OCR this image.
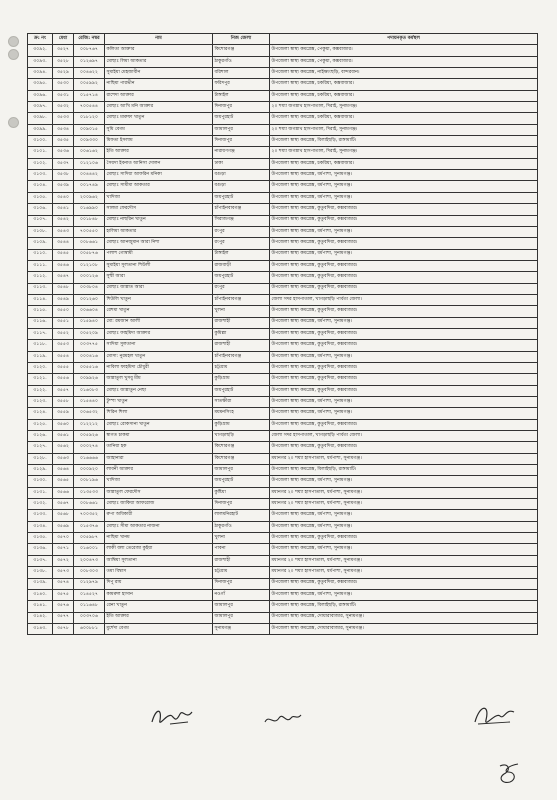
ক্র: নং	মেধা	রেজি: নম্বর	নাম	নিজ জেলা	পদায়নকৃত কর্মস্থল
৩০৯২.	৩৫২৭	০০৮৭৬৭	কলিতা আক্তার	কিশোরগঞ্জ	উপজেলা স্বাস্থ্য কমপ্লেক্স, পেকুয়া, কক্সবাজার।
৩০৯৩.	৩৫২৮	০১২৬৯৭	মোছাঃ লিমা আকতার	ঠাকুরগাঁও	উপজেলা স্বাস্থ্য কমপ্লেক্স, পেকুয়া, কক্সবাজার।
৩০৯৪.	৩৫২৯	০০৪৬২২	সুমাইয়া মেহজাবীন	বরিশাল	উপজেলা স্বাস্থ্য কমপ্লেক্স, নাইক্ষ্যংছড়ি, বান্দরবান।
৩০৯৫.	৩৫৩০	০০৫৯৯২	নাছিমা পারভীন	ফরিদপুর	উপজেলা স্বাস্থ্য কমপ্লেক্স, চকরিয়া, কক্সবাজার।
৩০৯৬.	৩৫৩১	০১৫৭১৪	রাশেদা আক্তার	টাঙ্গাইল	উপজেলা স্বাস্থ্য কমপ্লেক্স, চকরিয়া, কক্সবাজার।
৩০৯৭.	৩৫৩২	৭০০৫৪৪	মোছাঃ আখি মনি আক্তার	দিনাজপুর	২০ শয্যা জগন্নাথ হাসপাতাল, দিরাই, সুনামগঞ্জ।
৩০৯৮.	৩৫৩৩	০১৮১২০	মোছাঃ মারুফা খাতুন	জয়পুরহাট	উপজেলা স্বাস্থ্য কমপ্লেক্স, চকরিয়া, কক্সবাজার।
৩০৯৯.	৩৫৩৪	০০৯০১৫	সুমি বেগম	জামালপুর	২০ শয্যা জগন্নাথ হাসপাতাল, দিরাই, সুনামগঞ্জ।
৩১০০.	৩৫৩৫	০০৯৩৩০	মিফতা ইসলাম	দিনাজপুর	উপজেলা স্বাস্থ্য কমপ্লেক্স, বিলাইছড়ি, রাঙ্গামাটি।
৩১০১.	৩৫৩৬	০০৬১৬২	ইতি আক্তার	নারায়ণগঞ্জ	২০ শয্যা জগন্নাথ হাসপাতাল, দিরাই, সুনামগঞ্জ।
৩১০২.	৩৫৩৭	০১২১০৬	সৈয়দা ইবনাত আনিসা দোলন	ঢাকা	উপজেলা স্বাস্থ্য কমপ্লেক্স, চকরিয়া, কক্সবাজার।
৩১০৩.	৩৫৩৮	০০৪৪৪২	মোছাঃ সাদিয়া আফরিন মনিকা	বগুড়া	উপজেলা স্বাস্থ্য কমপ্লেক্স, ধর্মপাশা, সুনামগঞ্জ।
৩১০৪.	৩৫৩৯	০০১৭৪৯	মোছাঃ সামীমা আকতার	বগুড়া	উপজেলা স্বাস্থ্য কমপ্লেক্স, ধর্মপাশা, সুনামগঞ্জ।
৩১০৫.	৩৫৪০	২০০৯৬২	খাদিজা	জয়পুরহাট	উপজেলা স্বাস্থ্য কমপ্লেক্স, ধর্মপাশা, সুনামগঞ্জ।
৩১০৬.	৩৫৪১	০১৬৯৯০	সালমা ফেরদৌস	চাঁপাইনবাবগঞ্জ	উপজেলা স্বাস্থ্য কমপ্লেক্স, কুতুবদিয়া, কক্সবাজার।
৩১০৭.	৩৫৪২	০০১৮৪৮	মোছাঃ নাছরিন খাতুন	সিরাজগঞ্জ	উপজেলা স্বাস্থ্য কমপ্লেক্স, কুতুবদিয়া, কক্সবাজার।
৩১০৮.	৩৫৪৩	৭০০৫৫০	হালিমা আকতার	রংপুর	উপজেলা স্বাস্থ্য কমপ্লেক্স, ধর্মপাশা, সুনামগঞ্জ।
৩১০৯.	৩৫৪৪	০০৮৬৬১	মোছাঃ আনজুমান আরা নিশা	রংপুর	উপজেলা স্বাস্থ্য কমপ্লেক্স, কুতুবদিয়া, কক্সবাজার।
৩১১০.	৩৫৪৫	০০৫৮৭৬	পলাশ গোস্বামী	টাঙ্গাইল	উপজেলা স্বাস্থ্য কমপ্লেক্স, ধর্মপাশা, সুনামগঞ্জ।
৩১১১.	৩৫৪৬	০১২১০৮	সুমাইয়া সুলতানা শিউলী	রাজবাড়ী	উপজেলা স্বাস্থ্য কমপ্লেক্স, কুতুবদিয়া, কক্সবাজার।
৩১১২.	৩৫৪৭	০০০১২৬	সুষ্মী আরা	জয়পুরহাট	উপজেলা স্বাস্থ্য কমপ্লেক্স, কুতুবদিয়া, কক্সবাজার।
৩১১৩.	৩৫৪৮	০০৩৮০৪	মোছাঃ জান্নাত আরা	রংপুর	উপজেলা স্বাস্থ্য কমপ্লেক্স, কুতুবদিয়া, কক্সবাজার।
৩১১৪.	৩৫৪৯	০০১২৬০	শিউলি খাতুন	চাঁপাইনবাবগঞ্জ	জেলা সদর হাসপাতাল, খাগড়াছড়ি পার্বত্য জেলা।
৩১১৫.	৩৫৫০	০০৬৬০৪	রেশমা খাতুন	খুলনা	উপজেলা স্বাস্থ্য কমপ্লেক্স, কুতুবদিয়া, কক্সবাজার।
৩১১৬.	৩৫৫১	০১৫৯৪০	মো: রমজান আলী	রাজশাহী	উপজেলা স্বাস্থ্য কমপ্লেক্স, ধর্মপাশা, সুনামগঞ্জ।
৩১১৭.	৩৫৫২	০০৫২০৯	মোছাঃ ফাহমিদা আক্তার	কুমিল্লা	উপজেলা স্বাস্থ্য কমপ্লেক্স, কুতুবদিয়া, কক্সবাজার।
৩১১৮.	৩৫৫৩	০০৩৭৭৫	সাদিয়া সুলতানা	রাজশাহী	উপজেলা স্বাস্থ্য কমপ্লেক্স, কুতুবদিয়া, কক্সবাজার।
৩১১৯.	৩৫৫৪	০০০৪১৬	মোসা: নুরমহল খাতুন	চাঁপাইনবাবগঞ্জ	উপজেলা স্বাস্থ্য কমপ্লেক্স, ধর্মপাশা, সুনামগঞ্জ।
৩১২০.	৩৫৫৫	০০৫৫১৬	নাবিলা ফাহমিদা চৌধুরী	চট্টগ্রাম	উপজেলা স্বাস্থ্য কমপ্লেক্স, কুতুবদিয়া, কক্সবাজার।
৩১২১.	৩৫৫৬	০০৯৯২৬	জান্নাতুল খুসবু মীম	কুড়িগ্রাম	উপজেলা স্বাস্থ্য কমপ্লেক্স, কুতুবদিয়া, কক্সবাজার।
৩১২২.	৩৫৫৭	০১৬০৮৩	মোছাঃ জান্নাতুন নেছা	জয়পুরহাট	উপজেলা স্বাস্থ্য কমপ্লেক্স, কুতুবদিয়া, কক্সবাজার।
৩১২৩.	৩৫৫৮	০১৫৪৪০	টুম্পা খাতুন	সাতক্ষীরা	উপজেলা স্বাস্থ্য কমপ্লেক্স, ধর্মপাশা, সুনামগঞ্জ।
৩১২৪.	৩৫৫৯	০০৬৫৩২	শিরিন শিলা	ময়মনসিংহ	উপজেলা স্বাস্থ্য কমপ্লেক্স, ধর্মপাশা, সুনামগঞ্জ।
৩১২৫.	৩৫৬০	০১২২১২	মোছাঃ রোকসানা খাতুন	কুড়িগ্রাম	উপজেলা স্বাস্থ্য কমপ্লেক্স, কুতুবদিয়া, কক্সবাজার।
৩১২৬.	৩৫৬১	০০৫৯২৬	স্বাগত চাকমা	খাগড়াছড়ি	জেলা সদর হাসপাতাল, খাগড়াছড়ি পার্বত্য জেলা।
৩১২৭.	৩৫৬২	০০০২৭৪	তানিয়া হক	কিশোরগঞ্জ	উপজেলা স্বাস্থ্য কমপ্লেক্স, কুতুবদিয়া, কক্সবাজার।
৩১২৮.	৩৫৬৩	০১৬৬৬৬	জাহানারা	কিশোরগঞ্জ	মধ্যনগর ২০ শয্যা হাসপাতাল, ধর্মপাশা, সুনামগঞ্জ।
৩১২৯.	৩৫৬৪	০০০৯২০	লাবনী আক্তার	জামালপুর	উপজেলা স্বাস্থ্য কমপ্লেক্স, বিলাইছড়ি, রাঙ্গামাটি।
৩১৩০.	৩৫৬৫	০০৮১৯৬	খাদিজা	জয়পুরহাট	উপজেলা স্বাস্থ্য কমপ্লেক্স, ধর্মপাশা, সুনামগঞ্জ।
৩১৩১.	৩৫৬৬	০১৩৫৩৩	জান্নাতুল ফেরদৌস	কুষ্টিয়া	মধ্যনগর ২০ শয্যা হাসপাতাল, ধর্মপাশা, সুনামগঞ্জ।
৩১৩২.	৩৫৬৭	০০৮৬৬১	মোছাঃ জাকিয়া আফরোজ	দিনাজপুর	মধ্যনগর ২০ শয্যা হাসপাতাল, ধর্মপাশা, সুনামগঞ্জ।
৩১৩৩.	৩৫৬৮	৭০০৩৫২	রুপা অধিকারী	লালমনিরহাট	উপজেলা স্বাস্থ্য কমপ্লেক্স, ধর্মপাশা, সুনামগঞ্জ।
৩১৩৪.	৩৫৬৯	০১৫৩৭৬	মোছাঃ সীমা আকতার নাজনা	ঠাকুরগাঁও	উপজেলা স্বাস্থ্য কমপ্লেক্স, ধর্মপাশা, সুনামগঞ্জ।
৩১৩৫.	৩৫৭০	০০৫৯৮৭	নাছিমা খানম	খুলনা	উপজেলা স্বাস্থ্য কমপ্লেক্স, কুতুবদিয়া, কক্সবাজার।
৩১৩৬.	৩৫৭১	০১৬০০১	লাকী বলা তেরেজা কুইয়া	পাবনা	উপজেলা স্বাস্থ্য কমপ্লেক্স, ধর্মপাশা, সুনামগঞ্জ।
৩১৩৭.	৩৫৭২	২০০৪৭৩	আম্বিয়া সুলতানা	রাজশাহী	মধ্যনগর ২০ শয্যা হাসপাতাল, ধর্মপাশা, সুনামগঞ্জ।
৩১৩৮.	৩৫৭৩	০০৮৩০৩	তমা বিশ্বাস	চট্টগ্রাম	মধ্যনগর ২০ শয্যা হাসপাতাল, ধর্মপাশা, সুনামগঞ্জ।
৩১৩৯.	৩৫৭৪	০১২৯৭৯	দিপু রায়	দিনাজপুর	উপজেলা স্বাস্থ্য কমপ্লেক্স, কুতুবদিয়া, কক্সবাজার।
৩১৪০.	৩৫৭৫	০১৪৫২৭	কামরুল হাসান	নওগাঁ	উপজেলা স্বাস্থ্য কমপ্লেক্স, ধর্মপাশা, সুনামগঞ্জ।
৩১৪১.	৩৫৭৬	০১১৬৪৮	রেনা খাতুন	জামালপুর	উপজেলা স্বাস্থ্য কমপ্লেক্স, বিলাইছড়ি, রাঙ্গামাটি।
৩১৪২.	৩৫৭৭	০০৩৭০৬	ইতি আক্তার	জামালপুর	উপজেলা স্বাস্থ্য কমপ্লেক্স, দোয়ারাবাজার, সুনামগঞ্জ।
৩১৪৩.	৩৫৭৮	৬০০৮৮১	মুর্শেদা বেগম	সুনামগঞ্জ	উপজেলা স্বাস্থ্য কমপ্লেক্স, দোয়ারাবাজার, সুনামগঞ্জ।
